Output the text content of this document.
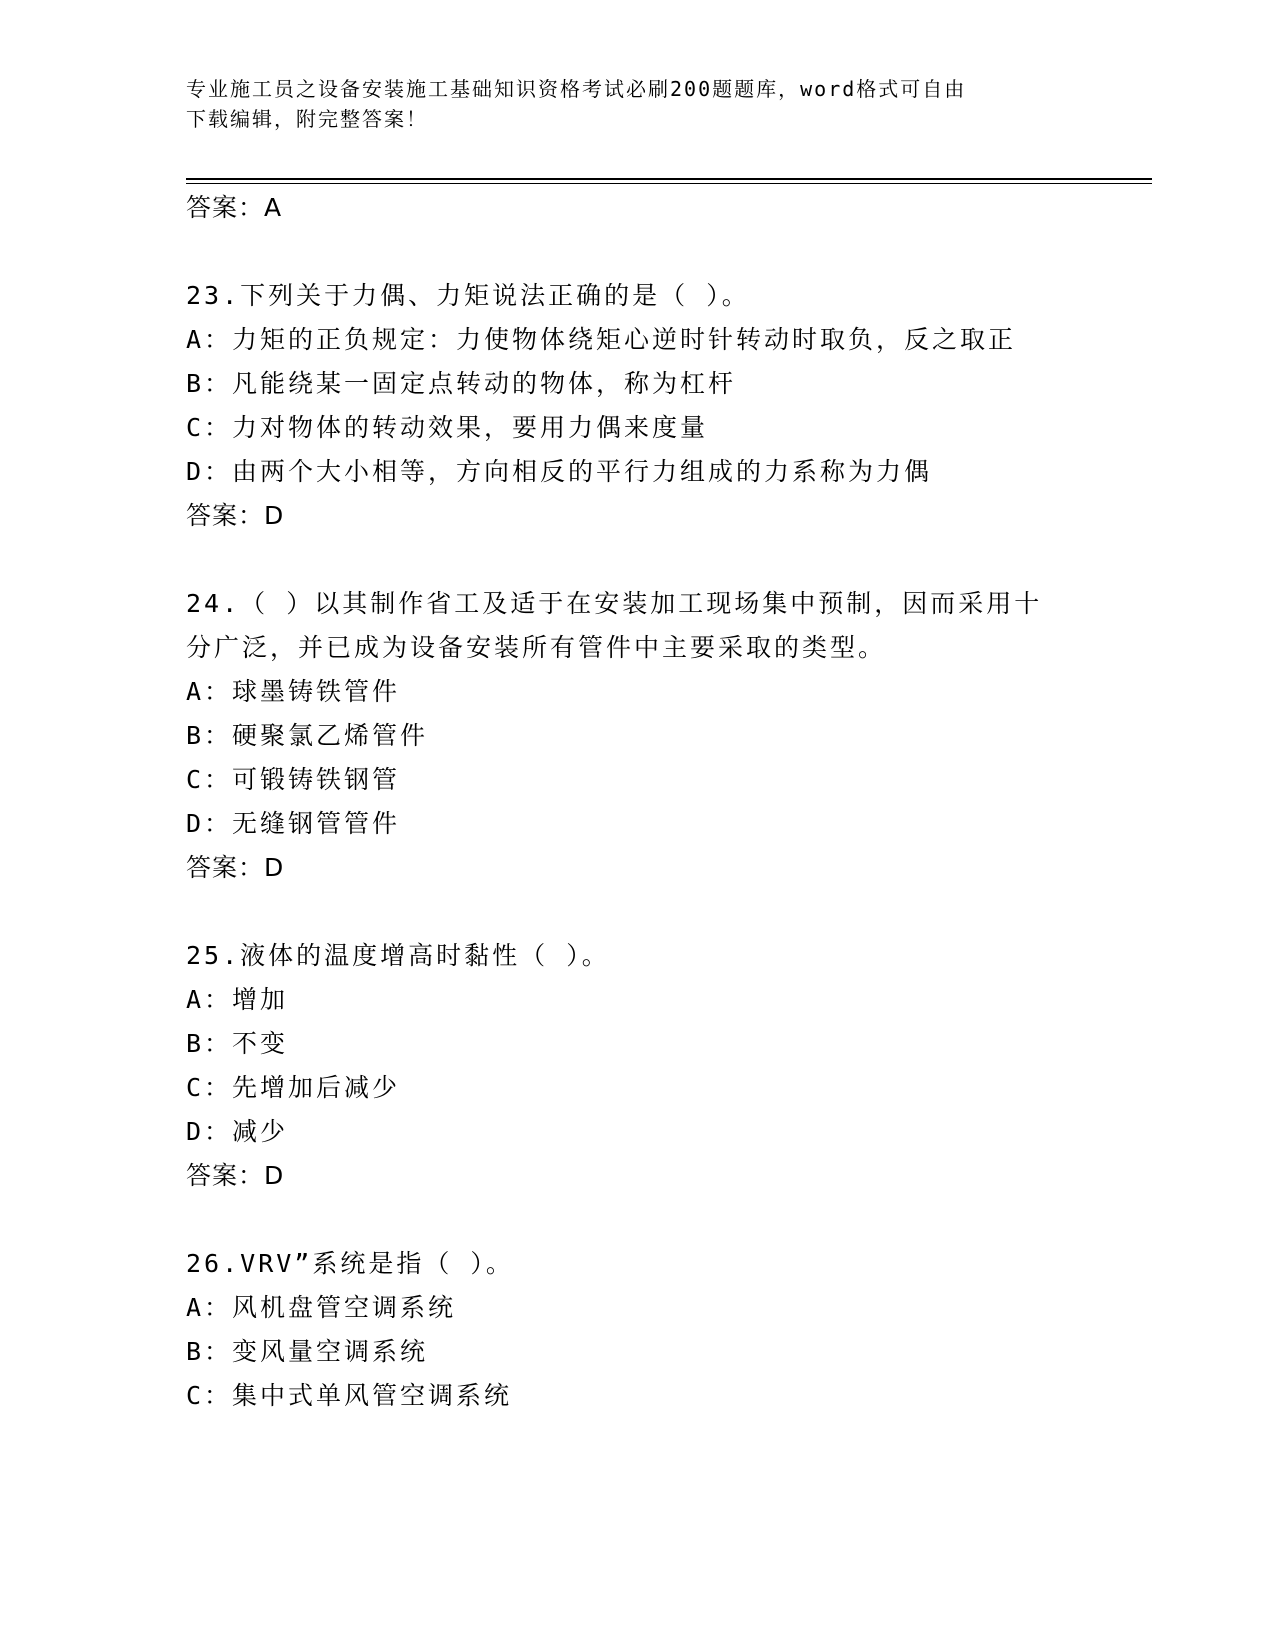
专业施工员之设备安装施工基础知识资格考试必刷200题题库，word格式可自由
下载编辑，附完整答案！
答案：A
23.下列关于力偶、力矩说法正确的是（ ）。
A：力矩的正负规定：力使物体绕矩心逆时针转动时取负，反之取正
B：凡能绕某一固定点转动的物体，称为杠杆
C：力对物体的转动效果，要用力偶来度量
D：由两个大小相等，方向相反的平行力组成的力系称为力偶
答案：D
24.（ ）以其制作省工及适于在安装加工现场集中预制，因而采用十
分广泛，并已成为设备安装所有管件中主要采取的类型。
A：球墨铸铁管件
B：硬聚氯乙烯管件
C：可锻铸铁钢管
D：无缝钢管管件
答案：D
25.液体的温度增高时黏性（ ）。
A：增加
B：不变
C：先增加后减少
D：减少
答案：D
26.VRV”系统是指（ ）。
A：风机盘管空调系统
B：变风量空调系统
C：集中式单风管空调系统
